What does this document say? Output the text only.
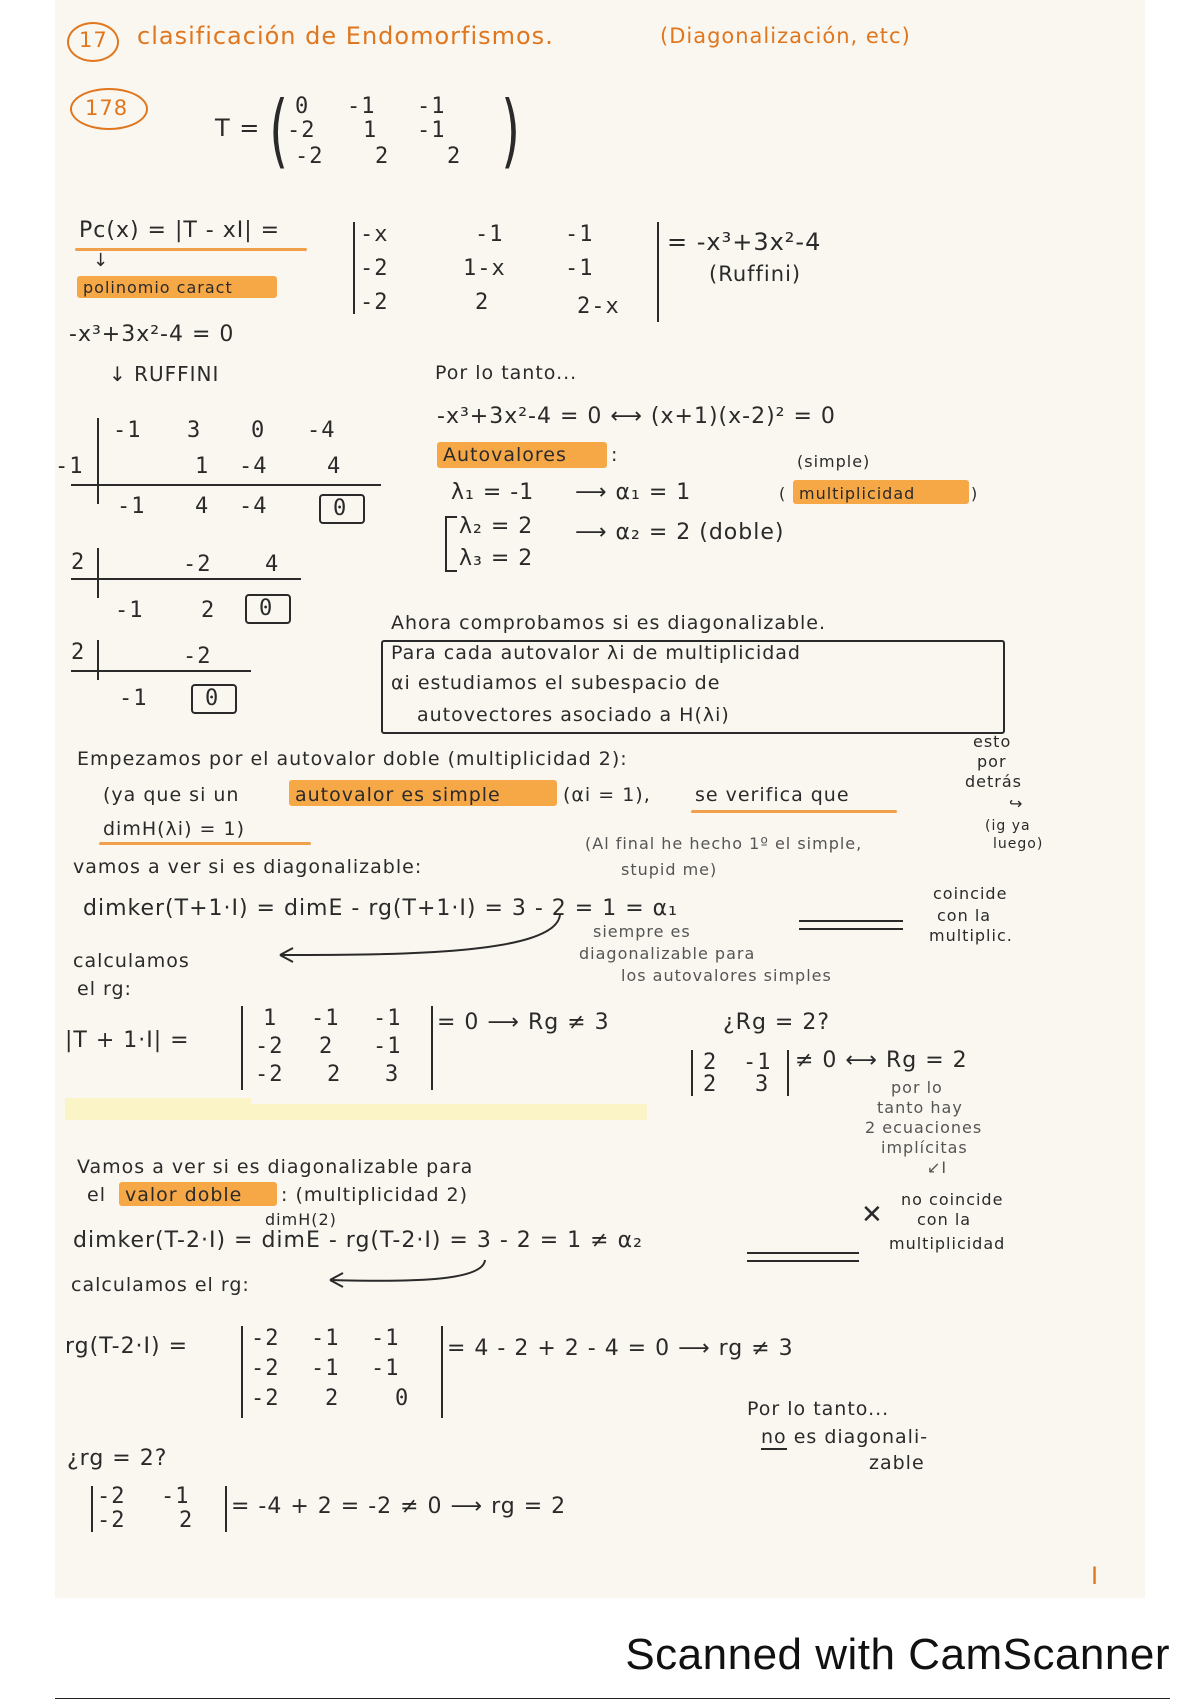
17 clasificación de Endomorfismos.	(Diagonalización, etc)
178
T = (	)
0 -1 -1
-2 1 -1
-2 2	2
Pc(x) = |T - xI| =
↓
polinomio caract
-x	-1	-1
-2	1-x	-1
-2	2	2-x
= -x³+3x²-4
(Ruffini)
-x³+3x²-4 = 0
↓ RUFFINI
-1 3 0 -4
-1	1 -4	4
-1 4 -4	0
2	-2 4
-1	2 0
2	-2
-1	0
Por lo tanto...
-x³+3x²-4 = 0 ⟷ (x+1)(x-2)² = 0
Autovalores :
λ₁ = -1 ⟶ α₁ = 1
(simple)
( multiplicidad	)
λ₂ = 2 ⟶ α₂ = 2 (doble)
λ₃ = 2
Ahora comprobamos si es diagonalizable.
Para cada autovalor λi de multiplicidad
αi estudiamos el subespacio de
autovectores asociado a H(λi)
Empezamos por el autovalor doble (multiplicidad 2):
(ya que si un	autovalor es simple	(αi = 1), se verifica que
dimH(λi) = 1)
esto
por
detrás
↪
(ig ya
luego)
vamos a ver si es diagonalizable:
(Al final he hecho 1º el simple,
stupid me)
dimker(T+1·I) = dimE - rg(T+1·I) = 3 - 2 = 1 = α₁
coincide
con la
multiplic.
siempre es
diagonalizable para
los autovalores simples
calculamos
el rg:
|T + 1·I| =
1 -1 -1
-2 2 -1
-2 2 3
= 0 ⟶ Rg ≠ 3	¿Rg = 2?
2 -1
2 3
≠ 0 ⟷ Rg = 2
por lo
tanto hay
2 ecuaciones
implícitas
↙I
Vamos a ver si es diagonalizable para
el valor doble : (multiplicidad 2)
dimH(2)
dimker(T-2·I) = dimE - rg(T-2·I) = 3 - 2 = 1 ≠ α₂
✕
no coincide
con la
multiplicidad
calculamos el rg:
rg(T-2·I) =	-2 -1 -1
-2 -1 -1
-2 2	0
= 4 - 2 + 2 - 4 = 0 ⟶ rg ≠ 3
Por lo tanto...
no es diagonali-
zable
¿rg = 2?
-2 -1
-2 2
= -4 + 2 = -2 ≠ 0 ⟶ rg = 2
I
Scanned with CamScanner
